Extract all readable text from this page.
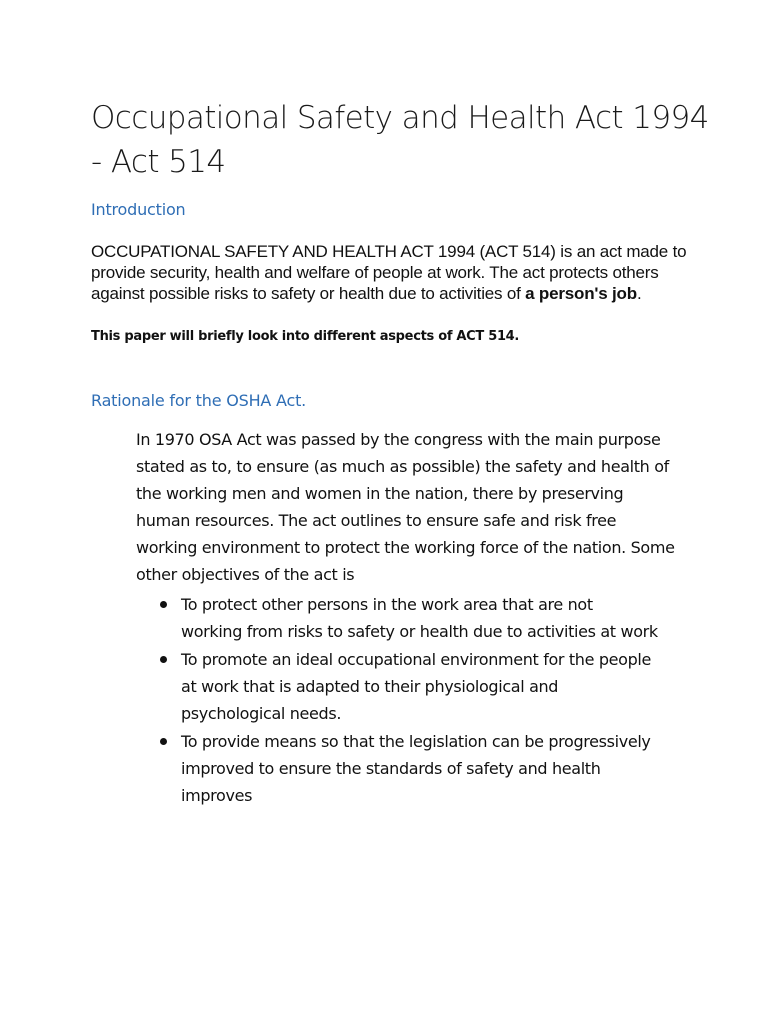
Occupational Safety and Health Act 1994 - Act 514
Introduction

OCCUPATIONAL SAFETY AND HEALTH ACT 1994 (ACT 514) is an act made to provide security, health and welfare of people at work. The act protects others against possible risks to safety or health due to activities of a person's job.

This paper will briefly look into different aspects of ACT 514.

Rationale for the OSHA Act.

In 1970 OSA Act was passed by the congress with the main purpose stated as to, to ensure (as much as possible) the safety and health of the working men and women in the nation, there by preserving human resources. The act outlines to ensure safe and risk free working environment to protect the working force of the nation. Some other objectives of the act is

To protect other persons in the work area that are not working from risks to safety or health due to activities at work
To promote an ideal occupational environment for the people at work that is adapted to their physiological and psychological needs.
To provide means so that the legislation can be progressively improved to ensure the standards of safety and health improves
